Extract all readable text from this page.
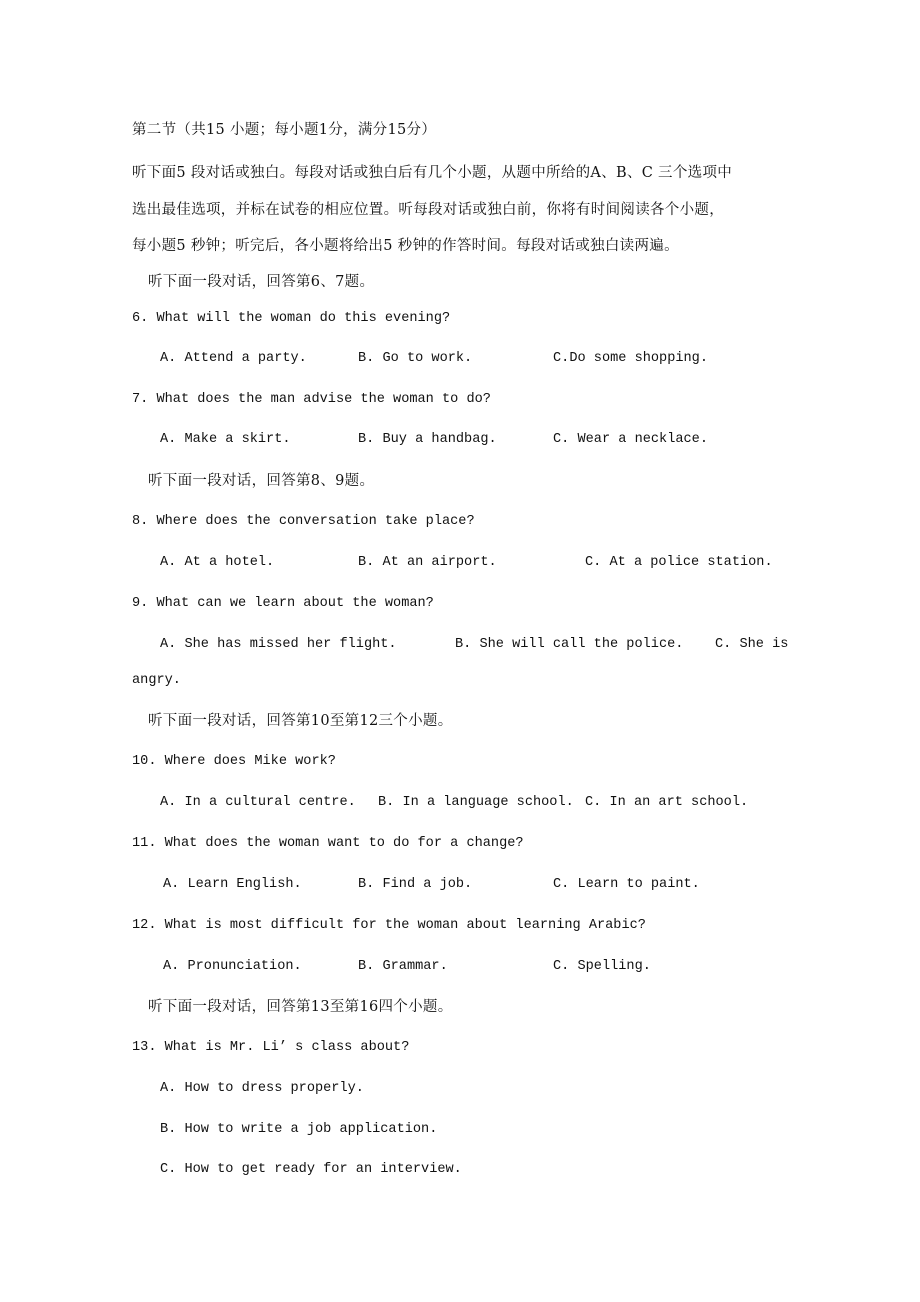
第二节（共15 小题；每小题1分，满分15分）
听下面5 段对话或独白。每段对话或独白后有几个小题，从题中所给的A、B、C 三个选项中
选出最佳选项，并标在试卷的相应位置。听每段对话或独白前，你将有时间阅读各个小题，
每小题5 秒钟；听完后，各小题将给出5 秒钟的作答时间。每段对话或独白读两遍。
听下面一段对话，回答第6、7题。
6. What will the woman do this evening?
A. Attend a party.	B. Go to work.	C.Do some shopping.
7. What does the man advise the woman to do?
A. Make a skirt.	B. Buy a handbag.	C. Wear a necklace.
听下面一段对话，回答第8、9题。
8. Where does the conversation take place?
A. At a hotel.	B. At an airport.	C. At a police station.
9. What can we learn about the woman?
A. She has missed her flight.	B. She will call the police. C. She is
angry.
听下面一段对话，回答第10至第12三个小题。
10. Where does Mike work?
A. In a cultural centre. B. In a language school. C. In an art school.
11. What does the woman want to do for a change?
A. Learn English.	B. Find a job.	C. Learn to paint.
12. What is most difficult for the woman about learning Arabic?
A. Pronunciation.	B. Grammar.	C. Spelling.
听下面一段对话，回答第13至第16四个小题。
13. What is Mr. Li’ s class about?
A. How to dress properly.
B. How to write a job application.
C. How to get ready for an interview.
